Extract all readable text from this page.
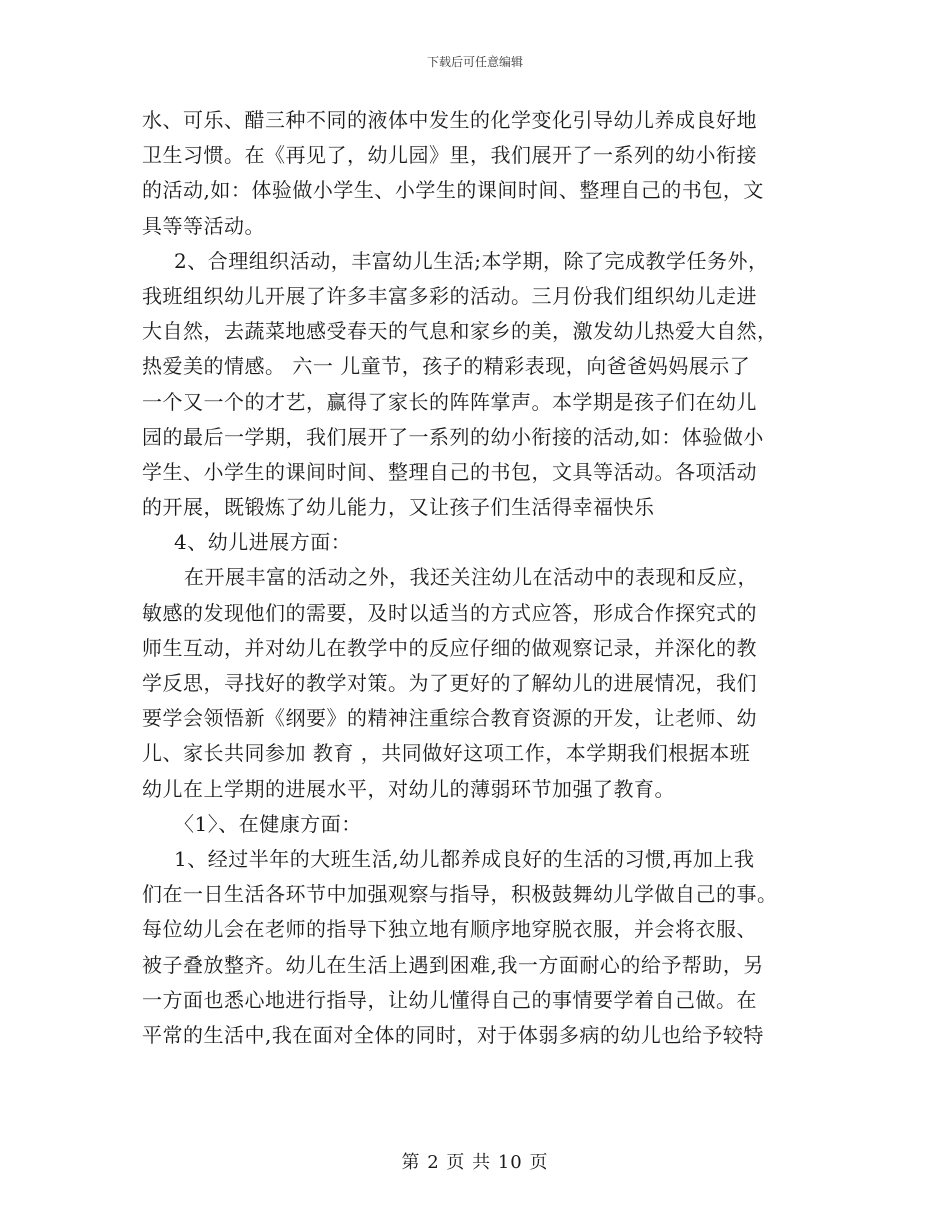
下载后可任意编辑
水、可乐、醋三种不同的液体中发生的化学变化引导幼儿养成良好地
卫生习惯。在《再见了，幼儿园》里，我们展开了一系列的幼小衔接
的活动,如：体验做小学生、小学生的课间时间、整理自己的书包，文
具等等活动。
2、合理组织活动，丰富幼儿生活;本学期，除了完成教学任务外，
我班组织幼儿开展了许多丰富多彩的活动。三月份我们组织幼儿走进
大自然，去蔬菜地感受春天的气息和家乡的美，激发幼儿热爱大自然，
热爱美的情感。 六一 儿童节，孩子的精彩表现，向爸爸妈妈展示了
一个又一个的才艺，赢得了家长的阵阵掌声。本学期是孩子们在幼儿
园的最后一学期，我们展开了一系列的幼小衔接的活动,如：体验做小
学生、小学生的课间时间、整理自己的书包，文具等活动。各项活动
的开展，既锻炼了幼儿能力，又让孩子们生活得幸福快乐
4、幼儿进展方面：
在开展丰富的活动之外，我还关注幼儿在活动中的表现和反应，
敏感的发现他们的需要，及时以适当的方式应答，形成合作探究式的
师生互动，并对幼儿在教学中的反应仔细的做观察记录，并深化的教
学反思，寻找好的教学对策。为了更好的了解幼儿的进展情况，我们
要学会领悟新《纲要》的精神注重综合教育资源的开发，让老师、幼
儿、家长共同参加 教育 ，共同做好这项工作，本学期我们根据本班
幼儿在上学期的进展水平，对幼儿的薄弱环节加强了教育。
〈1〉、在健康方面：
1、经过半年的大班生活,幼儿都养成良好的生活的习惯,再加上我
们在一日生活各环节中加强观察与指导，积极鼓舞幼儿学做自己的事。
每位幼儿会在老师的指导下独立地有顺序地穿脱衣服，并会将衣服、
被子叠放整齐。幼儿在生活上遇到困难,我一方面耐心的给予帮助，另
一方面也悉心地进行指导，让幼儿懂得自己的事情要学着自己做。在
平常的生活中,我在面对全体的同时，对于体弱多病的幼儿也给予较特
第 2 页 共 10 页
